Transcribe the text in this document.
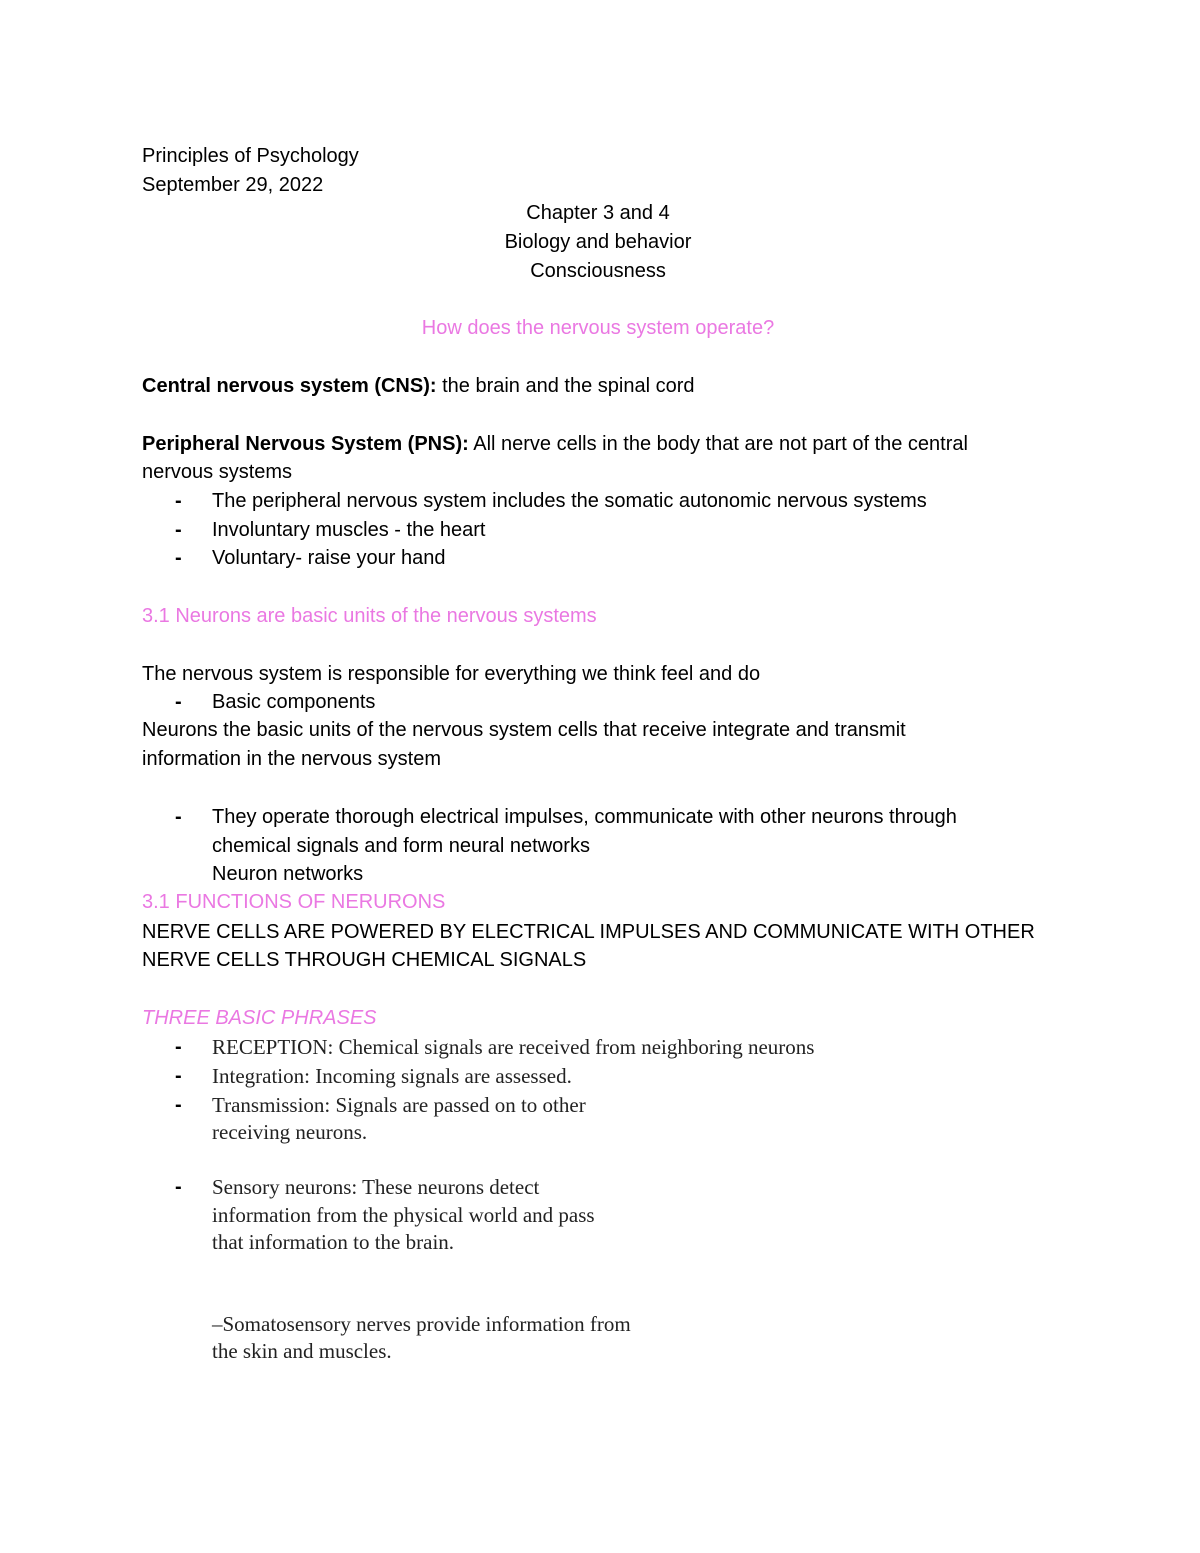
Principles of Psychology
September 29, 2022
Chapter 3 and 4
Biology and behavior
Consciousness
How does the nervous system operate?
Central nervous system (CNS): the brain and the spinal cord
Peripheral Nervous System (PNS): All nerve cells in the body that are not part of the central
nervous systems
- The peripheral nervous system includes the somatic autonomic nervous systems
- Involuntary muscles - the heart
- Voluntary- raise your hand
3.1 Neurons are basic units of the nervous systems
The nervous system is responsible for everything we think feel and do
- Basic components
Neurons the basic units of the nervous system cells that receive integrate and transmit
information in the nervous system
- They operate thorough electrical impulses, communicate with other neurons through
chemical signals and form neural networks
Neuron networks
3.1 FUNCTIONS OF NERURONS
NERVE CELLS ARE POWERED BY ELECTRICAL IMPULSES AND COMMUNICATE WITH OTHER
NERVE CELLS THROUGH CHEMICAL SIGNALS
THREE BASIC PHRASES
- RECEPTION: Chemical signals are received from neighboring neurons
- Integration: Incoming signals are assessed.
- Transmission: Signals are passed on to other
receiving neurons.
- Sensory neurons: These neurons detect
information from the physical world and pass
that information to the brain.
–Somatosensory nerves provide information from
the skin and muscles.
